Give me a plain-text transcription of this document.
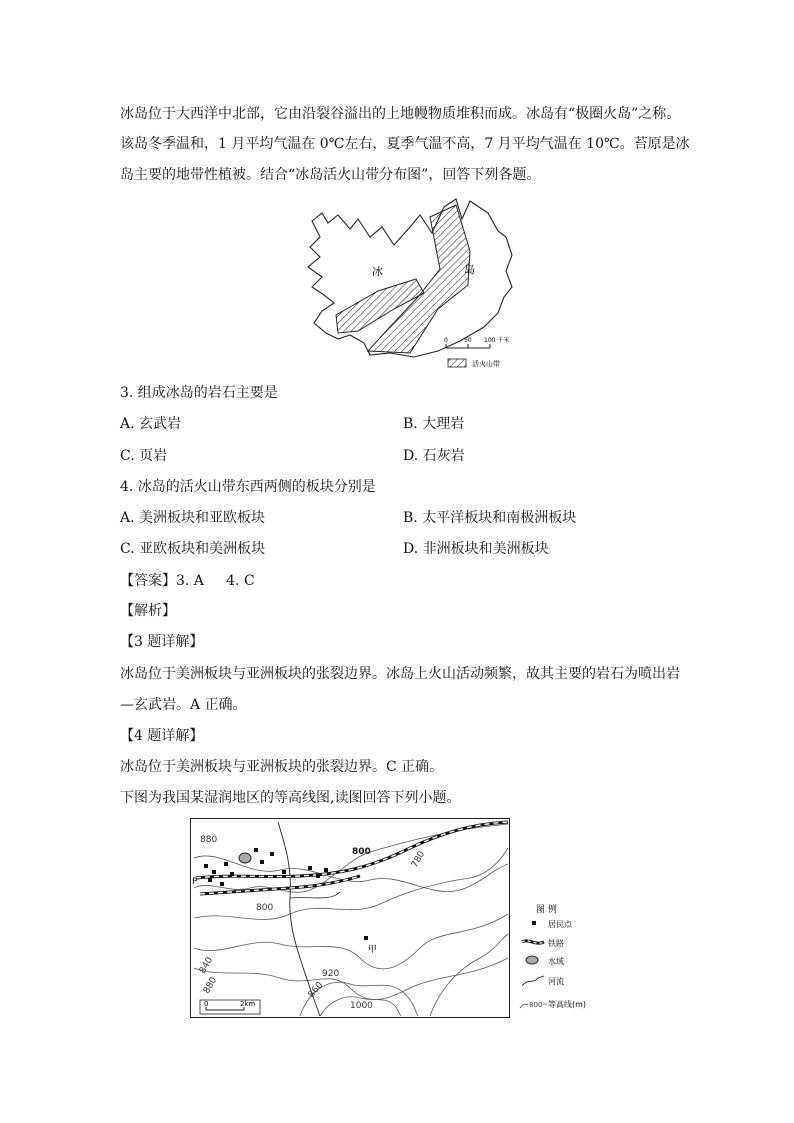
冰岛位于大西洋中北部，它由沿裂谷溢出的上地幔物质堆积而成。冰岛有“极圈火岛”之称。
该岛冬季温和，1 月平均气温在 0℃左右，夏季气温不高，7 月平均气温在 10℃。苔原是冰
岛主要的地带性植被。结合“冰岛活火山带分布图”，回答下列各题。
冰	岛
0	50 100 千米
活火山带
3. 组成冰岛的岩石主要是
A. 玄武岩	B. 大理岩
C. 页岩	D. 石灰岩
4. 冰岛的活火山带东西两侧的板块分别是
A. 美洲板块和亚欧板块	B. 太平洋板块和南极洲板块
C. 亚欧板块和美洲板块	D. 非洲板块和美洲板块
【答案】3. A     4. C
【解析】
【3 题详解】
冰岛位于美洲板块与亚洲板块的张裂边界。冰岛上火山活动频繁，故其主要的岩石为喷出岩
—玄武岩。A 正确。
【4 题详解】
冰岛位于美洲板块与亚洲板块的张裂边界。C 正确。
下图为我国某湿润地区的等高线图,读图回答下列小题。
880
800	780
800
840
880
920
860
1000
P
甲
0	2km
图 例
居民点
铁路
水域
河流
800 等高线(m)
